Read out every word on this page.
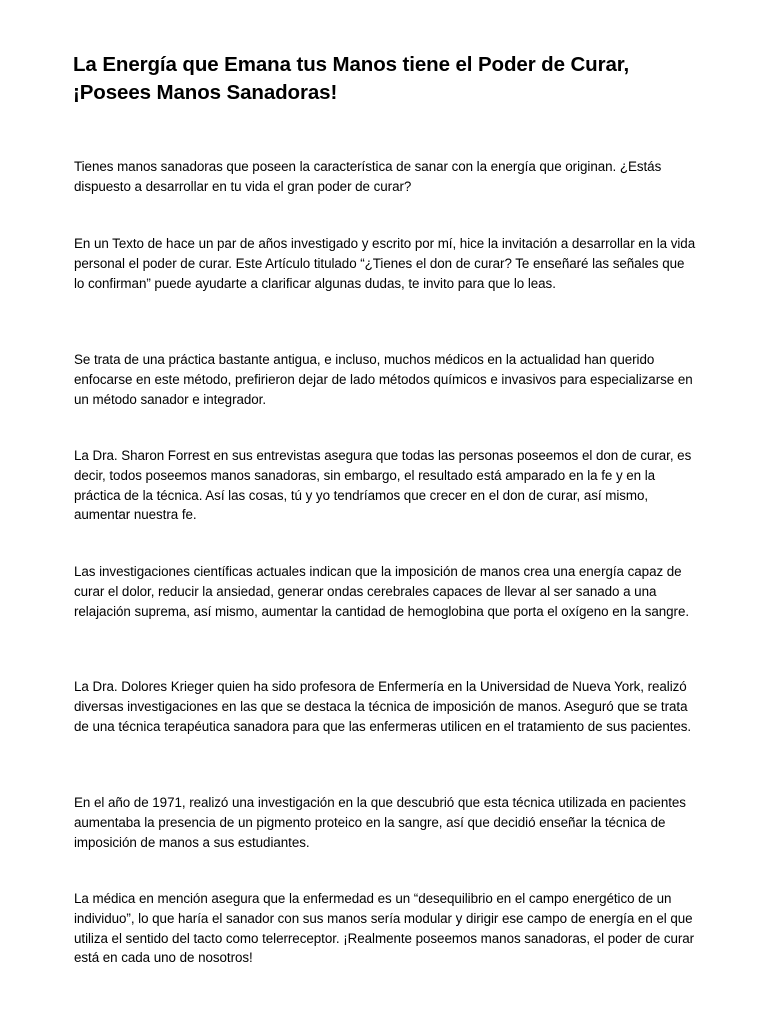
La Energía que Emana tus Manos tiene el Poder de Curar, ¡Posees Manos Sanadoras!

Tienes manos sanadoras que poseen la característica de sanar con la energía que originan. ¿Estás dispuesto a desarrollar en tu vida el gran poder de curar?

En un Texto de hace un par de años investigado y escrito por mí, hice la invitación a desarrollar en la vida personal el poder de curar. Este Artículo titulado “¿Tienes el don de curar? Te enseñaré las señales que lo confirman” puede ayudarte a clarificar algunas dudas, te invito para que lo leas.

Se trata de una práctica bastante antigua, e incluso, muchos médicos en la actualidad han querido enfocarse en este método, prefirieron dejar de lado métodos químicos e invasivos para especializarse en un método sanador e integrador.

La Dra. Sharon Forrest en sus entrevistas asegura que todas las personas poseemos el don de curar, es decir, todos poseemos manos sanadoras, sin embargo, el resultado está amparado en la fe y en la práctica de la técnica. Así las cosas, tú y yo tendríamos que crecer en el don de curar, así mismo, aumentar nuestra fe.

Las investigaciones científicas actuales indican que la imposición de manos crea una energía capaz de curar el dolor, reducir la ansiedad, generar ondas cerebrales capaces de llevar al ser sanado a una relajación suprema, así mismo, aumentar la cantidad de hemoglobina que porta el oxígeno en la sangre.

La Dra. Dolores Krieger quien ha sido profesora de Enfermería en la Universidad de Nueva York, realizó diversas investigaciones en las que se destaca la técnica de imposición de manos. Aseguró que se trata de una técnica terapéutica sanadora para que las enfermeras utilicen en el tratamiento de sus pacientes.

En el año de 1971, realizó una investigación en la que descubrió que esta técnica utilizada en pacientes aumentaba la presencia de un pigmento proteico en la sangre, así que decidió enseñar la técnica de imposición de manos a sus estudiantes.

La médica en mención asegura que la enfermedad es un “desequilibrio en el campo energético de un individuo”, lo que haría el sanador con sus manos sería modular y dirigir ese campo de energía en el que utiliza el sentido del tacto como telerreceptor. ¡Realmente poseemos manos sanadoras, el poder de curar está en cada uno de nosotros!
